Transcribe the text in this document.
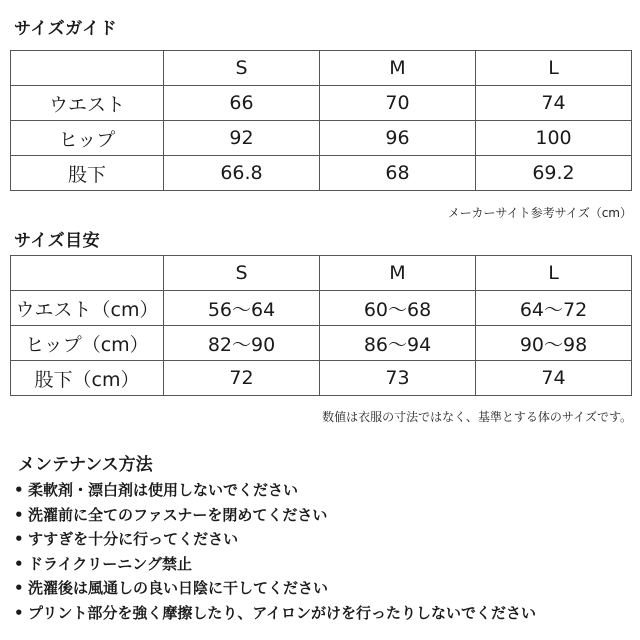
サイズガイド
	S	M	L
ウエスト	66	70	74
ヒップ	92	96	100
股下	66.8	68	69.2
メーカーサイト参考サイズ（cm）
サイズ目安
	S	M	L
ウエスト（cm）	56～64	60～68	64～72
ヒップ（cm）	82～90	86～94	90～98
股下（cm）	72	73	74
数値は衣服の寸法ではなく、基準とする体のサイズです。
メンテナンス方法
• 柔軟剤・漂白剤は使用しないでください
• 洗濯前に全てのファスナーを閉めてください
• すすぎを十分に行ってください
• ドライクリーニング禁止
• 洗濯後は風通しの良い日陰に干してください
• プリント部分を強く摩擦したり、アイロンがけを行ったりしないでください
